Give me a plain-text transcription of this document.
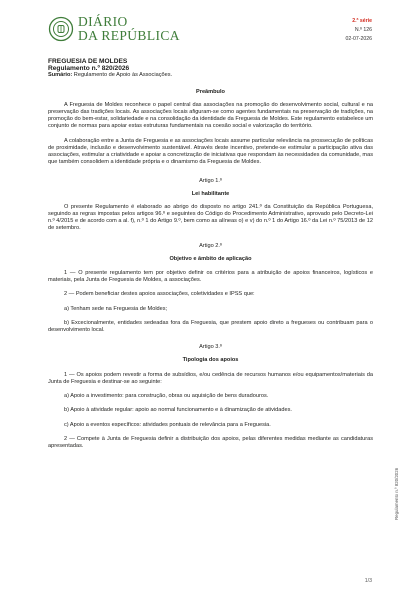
DIÁRIO
DA REPÚBLICA
2.ª série
N.º 126
02-07-2026

FREGUESIA DE MOLDES

Regulamento n.º 820/2026

Sumário: Regulamento de Apoio às Associações.

Preâmbulo

A Freguesia de Moldes reconhece o papel central das associações na promoção do desenvolvimento social, cultural e na preservação das tradições locais. As associações locais afiguram-se como agentes fundamentais na preservação de tradições, na promoção do bem-estar, solidariedade e na consolidação da identidade da Freguesia de Moldes. Este regulamento estabelece um conjunto de normas para apoiar estas estruturas fundamentais na coesão social e valorização do território.

A colaboração entre a Junta de Freguesia e as associações locais assume particular relevância na prossecução de políticas de proximidade, inclusão e desenvolvimento sustentável. Através deste incentivo, pretende-se estimular a participação ativa das associações, estimular a criatividade e apoiar a concretização de iniciativas que respondam às necessidades da comunidade, mas que também consolidem a identidade própria e o dinamismo da Freguesia de Moldes.

Artigo 1.º

Lei habilitante

O presente Regulamento é elaborado ao abrigo do disposto no artigo 241.º da Constituição da República Portuguesa, seguindo as regras impostas pelos artigos 96.º e seguintes do Código do Procedimento Administrativo, aprovado pelo Decreto-Lei n.º 4/2015 e de acordo com a al. f), n.º 1 do Artigo 9.º, bem como as alíneas o) e v) do n.º 1 do Artigo 16.º da Lei n.º 75/2013 de 12 de setembro.

Artigo 2.º

Objetivo e âmbito de aplicação

1 — O presente regulamento tem por objetivo definir os critérios para a atribuição de apoios financeiros, logísticos e materiais, pela Junta de Freguesia de Moldes, a associações.

2 — Podem beneficiar destes apoios associações, coletividades e IPSS que:

a) Tenham sede na Freguesia de Moldes;

b) Excecionalmente, entidades sedeadas fora da Freguesia, que prestem apoio direto a fregueses ou contribuam para o desenvolvimento local.

Artigo 3.º

Tipologia dos apoios

1 — Os apoios podem revestir a forma de subsídios, e/ou cedência de recursos humanos e/ou equipamentos/materiais da Junta de Freguesia e destinar-se ao seguinte:

a) Apoio a investimento: para construção, obras ou aquisição de bens duradouros.

b) Apoio à atividade regular: apoio ao normal funcionamento e à dinamização de atividades.

c) Apoio a eventos específicos: atividades pontuais de relevância para a Freguesia.

2 — Compete à Junta de Freguesia definir a distribuição dos apoios, pelas diferentes medidas mediante as candidaturas apresentadas.

Regulamento n.º 820/2026
1/3
